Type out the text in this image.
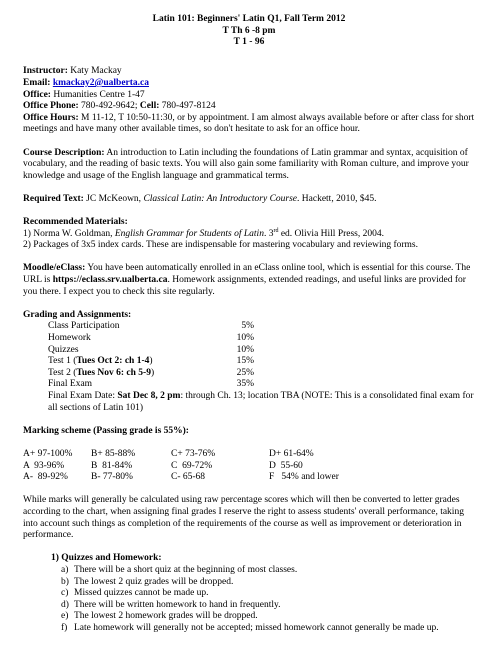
Latin 101: Beginners' Latin Q1, Fall Term 2012

T Th 6 -8 pm

T 1 - 96

Instructor: Katy Mackay

Email: kmackay2@ualberta.ca

Office: Humanities Centre 1-47

Office Phone: 780-492-9642; Cell: 780-497-8124

Office Hours: M 11-12, T 10:50-11:30, or by appointment. I am almost always available before or after class for short meetings and have many other available times, so don't hesitate to ask for an office hour.

Course Description: An introduction to Latin including the foundations of Latin grammar and syntax, acquisition of vocabulary, and the reading of basic texts. You will also gain some familiarity with Roman culture, and improve your knowledge and usage of the English language and grammatical terms.

Required Text: JC McKeown, Classical Latin: An Introductory Course. Hackett, 2010, $45.

Recommended Materials:

1) Norma W. Goldman, English Grammar for Students of Latin. 3rd ed. Olivia Hill Press, 2004.

2) Packages of 3x5 index cards. These are indispensable for mastering vocabulary and reviewing forms.

Moodle/eClass: You have been automatically enrolled in an eClass online tool, which is essential for this course. The URL is https://eclass.srv.ualberta.ca. Homework assignments, extended readings, and useful links are provided for you there. I expect you to check this site regularly.

Grading and Assignments:

Class Participation	5%
Homework	10%
Quizzes	10%
Test 1 (Tues Oct 2: ch 1-4)	15%
Test 2 (Tues Nov 6: ch 5-9)	25%
Final Exam	35%

Final Exam Date: Sat Dec 8, 2 pm: through Ch. 13; location TBA (NOTE: This is a consolidated final exam for all sections of Latin 101)

Marking scheme (Passing grade is 55%):

A+ 97-100%	B+ 85-88%	C+ 73-76%	D+ 61-64%
A  93-96%	B  81-84%	C  69-72%	D  55-60
A-  89-92%	B- 77-80%	C- 65-68	F   54% and lower

While marks will generally be calculated using raw percentage scores which will then be converted to letter grades according to the chart, when assigning final grades I reserve the right to assess students' overall performance, taking into account such things as completion of the requirements of the course as well as improvement or deterioration in performance.

1) Quizzes and Homework:

a) There will be a short quiz at the beginning of most classes.
b) The lowest 2 quiz grades will be dropped.
c) Missed quizzes cannot be made up.
d) There will be written homework to hand in frequently.
e) The lowest 2 homework grades will be dropped.
f) Late homework will generally not be accepted; missed homework cannot generally be made up.
